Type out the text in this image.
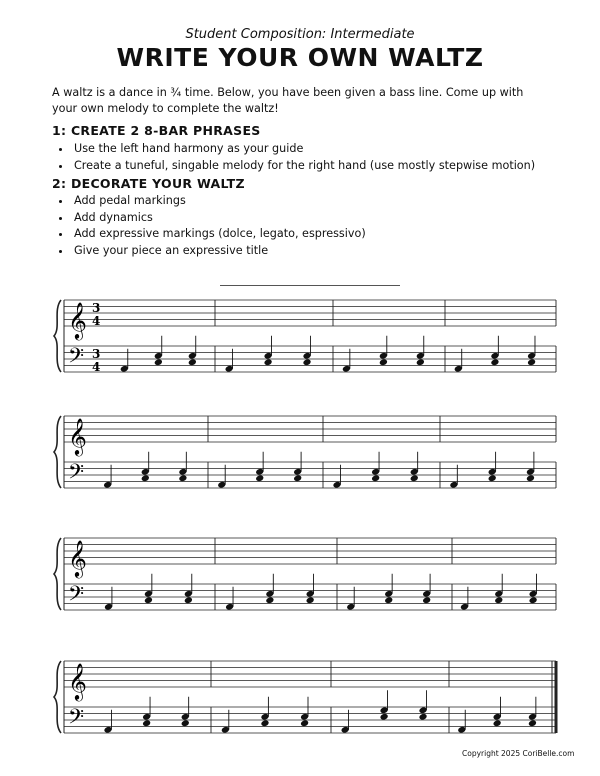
Student Composition: Intermediate
WRITE YOUR OWN WALTZ
A waltz is a dance in ¾ time. Below, you have been given a bass line. Come up with your own melody to complete the waltz!
1: CREATE 2 8-BAR PHRASES
• Use the left hand harmony as your guide
• Create a tuneful, singable melody for the right hand (use mostly stepwise motion)
2: DECORATE YOUR WALTZ
• Add pedal markings
• Add dynamics
• Add expressive markings (dolce, legato, espressivo)
• Give your piece an expressive title
𝄞
𝄢
3
4
3
4
𝄞
𝄢
𝄞
𝄢
𝄞
𝄢
Copyright 2025 CoriBelle.com
